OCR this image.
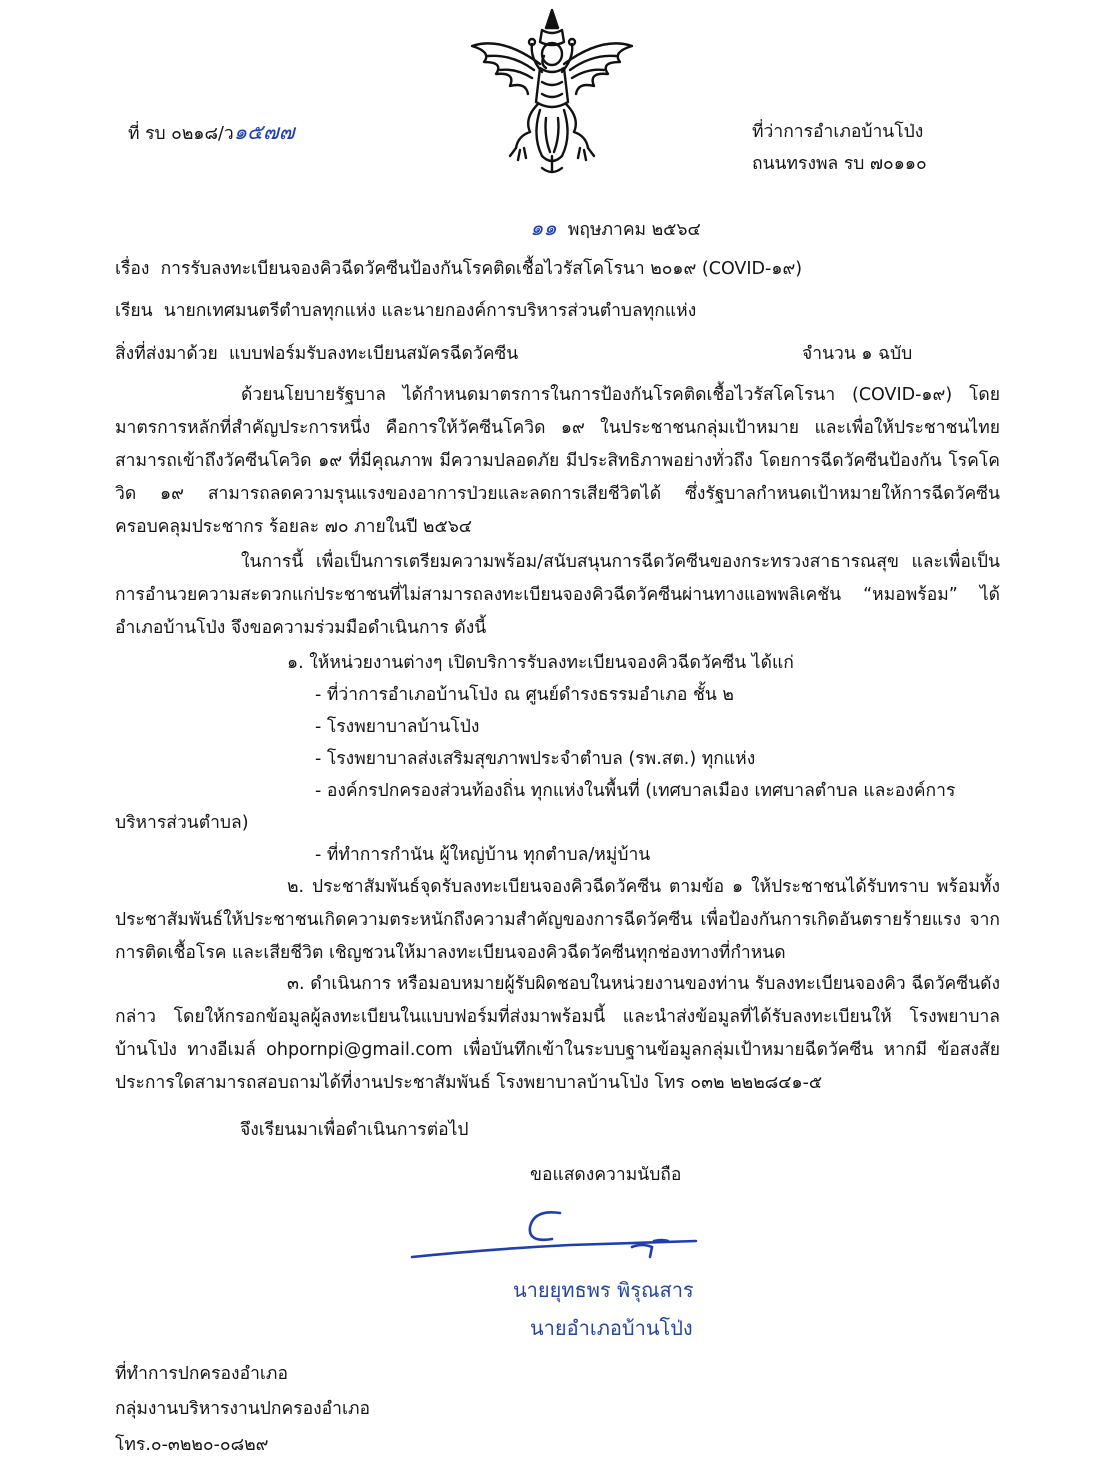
ที่ รบ ๐๒๑๘/ว๑๕๗๗	ที่ว่าการอำเภอบ้านโป่ง
ถนนทรงพล รบ ๗๐๑๑๐
๑๑ พฤษภาคม ๒๕๖๔
เรื่อง การรับลงทะเบียนจองคิวฉีดวัคซีนป้องกันโรคติดเชื้อไวรัสโคโรนา ๒๐๑๙ (COVID-๑๙)
เรียน นายกเทศมนตรีตำบลทุกแห่ง และนายกองค์การบริหารส่วนตำบลทุกแห่ง
สิ่งที่ส่งมาด้วย แบบฟอร์มรับลงทะเบียนสมัครฉีดวัคซีน	จำนวน ๑ ฉบับ
ด้วยนโยบายรัฐบาล ได้กำหนดมาตรการในการป้องกันโรคติดเชื้อไวรัสโคโรนา (COVID-๑๙) โดยมาตรการหลักที่สำคัญประการหนึ่ง คือการให้วัคซีนโควิด ๑๙ ในประชาชนกลุ่มเป้าหมาย และเพื่อให้ประชาชนไทย สามารถเข้าถึงวัคซีนโควิด ๑๙ ที่มีคุณภาพ มีความปลอดภัย มีประสิทธิภาพอย่างทั่วถึง โดยการฉีดวัคซีนป้องกัน โรคโควิด ๑๙ สามารถลดความรุนแรงของอาการป่วยและลดการเสียชีวิตได้ ซึ่งรัฐบาลกำหนดเป้าหมายให้การฉีดวัคซีน ครอบคลุมประชากร ร้อยละ ๗๐ ภายในปี ๒๕๖๔
ในการนี้ เพื่อเป็นการเตรียมความพร้อม/สนับสนุนการฉีดวัคซีนของกระทรวงสาธารณสุข และเพื่อเป็น การอำนวยความสะดวกแก่ประชาชนที่ไม่สามารถลงทะเบียนจองคิวฉีดวัคซีนผ่านทางแอพพลิเคชัน “หมอพร้อม” ได้ อำเภอบ้านโป่ง จึงขอความร่วมมือดำเนินการ ดังนี้
๑. ให้หน่วยงานต่างๆ เปิดบริการรับลงทะเบียนจองคิวฉีดวัคซีน ได้แก่
- ที่ว่าการอำเภอบ้านโป่ง ณ ศูนย์ดำรงธรรมอำเภอ ชั้น ๒
- โรงพยาบาลบ้านโป่ง
- โรงพยาบาลส่งเสริมสุขภาพประจำตำบล (รพ.สต.) ทุกแห่ง
- องค์กรปกครองส่วนท้องถิ่น ทุกแห่งในพื้นที่ (เทศบาลเมือง เทศบาลตำบล และองค์การ
บริหารส่วนตำบล)
- ที่ทำการกำนัน ผู้ใหญ่บ้าน ทุกตำบล/หมู่บ้าน
๒. ประชาสัมพันธ์จุดรับลงทะเบียนจองคิวฉีดวัคซีน ตามข้อ ๑ ให้ประชาชนได้รับทราบ พร้อมทั้ง ประชาสัมพันธ์ให้ประชาชนเกิดความตระหนักถึงความสำคัญของการฉีดวัคซีน เพื่อป้องกันการเกิดอันตรายร้ายแรง จากการติดเชื้อโรค และเสียชีวิต เชิญชวนให้มาลงทะเบียนจองคิวฉีดวัคซีนทุกช่องทางที่กำหนด
๓. ดำเนินการ หรือมอบหมายผู้รับผิดชอบในหน่วยงานของท่าน รับลงทะเบียนจองคิว ฉีดวัคซีนดังกล่าว โดยให้กรอกข้อมูลผู้ลงทะเบียนในแบบฟอร์มที่ส่งมาพร้อมนี้ และนำส่งข้อมูลที่ได้รับลงทะเบียนให้ โรงพยาบาลบ้านโป่ง ทางอีเมล์ ohpornpi@gmail.com เพื่อบันทึกเข้าในระบบฐานข้อมูลกลุ่มเป้าหมายฉีดวัคซีน หากมี ข้อสงสัยประการใดสามารถสอบถามได้ที่งานประชาสัมพันธ์ โรงพยาบาลบ้านโป่ง โทร ๐๓๒ ๒๒๒๘๔๑-๕
จึงเรียนมาเพื่อดำเนินการต่อไป
ขอแสดงความนับถือ
นายยุทธพร พิรุณสาร
นายอำเภอบ้านโป่ง
ที่ทำการปกครองอำเภอ
กลุ่มงานบริหารงานปกครองอำเภอ
โทร.๐-๓๒๒๐-๐๘๒๙
